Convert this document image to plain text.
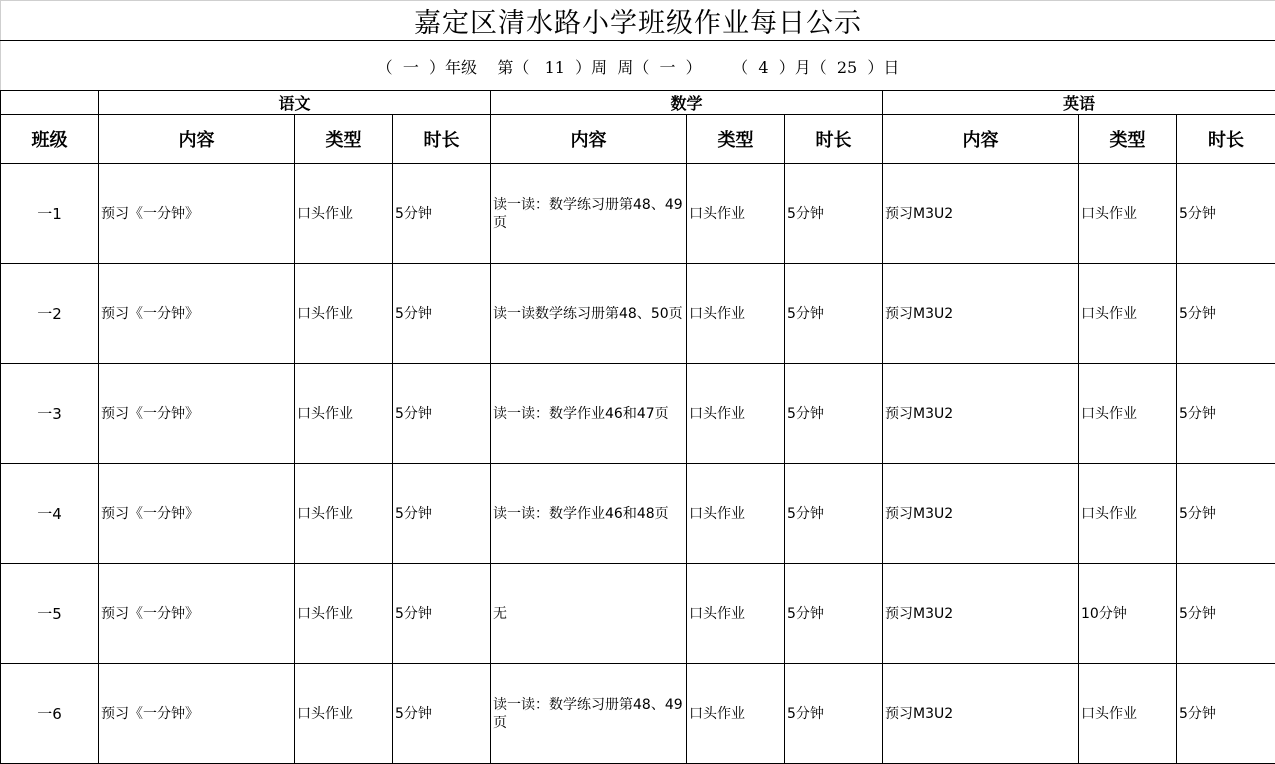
嘉定区清水路小学班级作业每日公示									
（  一  ）年级    第（   11  ）周  周（  一  ）      （  4  ）月（  25  ）日									
	语文			数学			英语		
班级	内容	类型	时长	内容	类型	时长	内容	类型	时长
一1	预习《一分钟》	口头作业	5分钟	读一读：数学练习册第48、49页	口头作业	5分钟	预习M3U2	口头作业	5分钟

一2	预习《一分钟》	口头作业	5分钟	读一读数学练习册第48、50页	口头作业	5分钟	预习M3U2	口头作业	5分钟

一3	预习《一分钟》	口头作业	5分钟	读一读：数学作业46和47页	口头作业	5分钟	预习M3U2	口头作业	5分钟

一4	预习《一分钟》	口头作业	5分钟	读一读：数学作业46和48页	口头作业	5分钟	预习M3U2	口头作业	5分钟

一5	预习《一分钟》	口头作业	5分钟	无	口头作业	5分钟	预习M3U2	10分钟	5分钟

一6	预习《一分钟》	口头作业	5分钟	读一读：数学练习册第48、49页	口头作业	5分钟	预习M3U2	口头作业	5分钟
